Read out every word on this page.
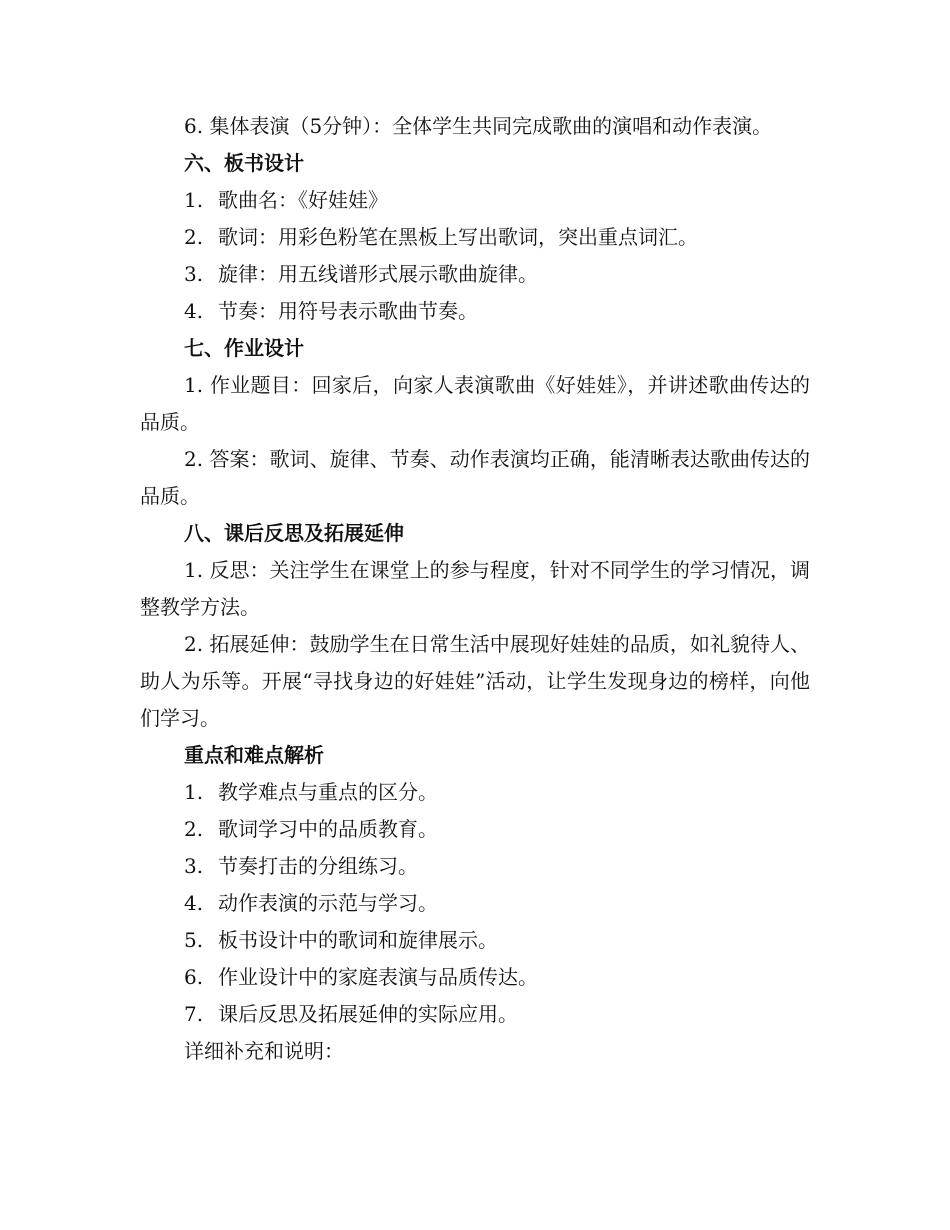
6. 集体表演（5分钟）：全体学生共同完成歌曲的演唱和动作表演。

六、板书设计

1. 歌曲名：《好娃娃》

2. 歌词：用彩色粉笔在黑板上写出歌词，突出重点词汇。

3. 旋律：用五线谱形式展示歌曲旋律。

4. 节奏：用符号表示歌曲节奏。

七、作业设计

1. 作业题目：回家后，向家人表演歌曲《好娃娃》，并讲述歌曲传达的品质。

2. 答案：歌词、旋律、节奏、动作表演均正确，能清晰表达歌曲传达的品质。

八、课后反思及拓展延伸

1. 反思：关注学生在课堂上的参与程度，针对不同学生的学习情况，调整教学方法。

2. 拓展延伸：鼓励学生在日常生活中展现好娃娃的品质，如礼貌待人、助人为乐等。开展“寻找身边的好娃娃”活动，让学生发现身边的榜样，向他们学习。

重点和难点解析

1. 教学难点与重点的区分。

2. 歌词学习中的品质教育。

3. 节奏打击的分组练习。

4. 动作表演的示范与学习。

5. 板书设计中的歌词和旋律展示。

6. 作业设计中的家庭表演与品质传达。

7. 课后反思及拓展延伸的实际应用。

详细补充和说明：
